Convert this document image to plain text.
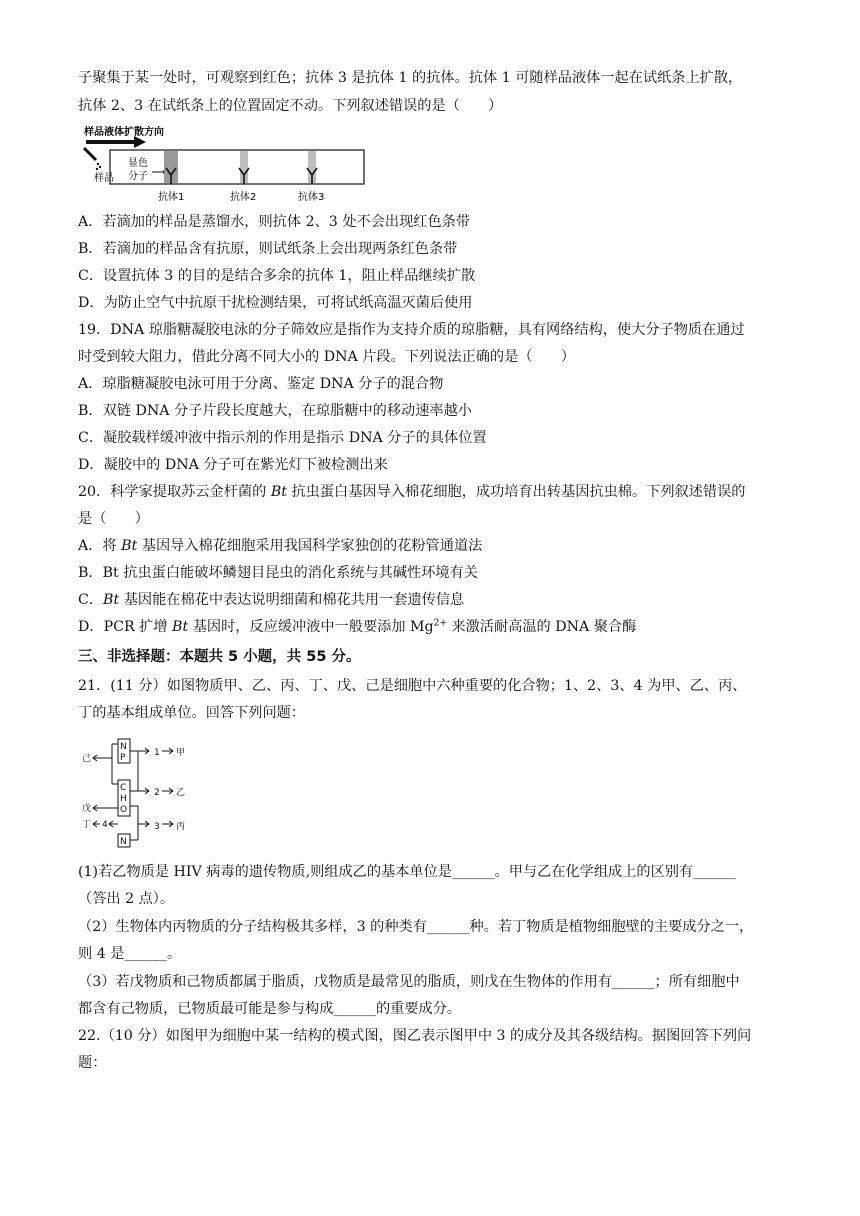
子聚集于某一处时，可观察到红色；抗体 3 是抗体 1 的抗体。抗体 1 可随样品液体一起在试纸条上扩散，
抗体 2、3 在试纸条上的位置固定不动。下列叙述错误的是（　　）
样品液体扩散方向
样品
显色
分子
抗体1	抗体2	抗体3
A．若滴加的样品是蒸馏水，则抗体 2、3 处不会出现红色条带
B．若滴加的样品含有抗原，则试纸条上会出现两条红色条带
C．设置抗体 3 的目的是结合多余的抗体 1，阻止样品继续扩散
D．为防止空气中抗原干扰检测结果，可将试纸高温灭菌后使用
19．DNA 琼脂糖凝胶电泳的分子筛效应是指作为支持介质的琼脂糖，具有网络结构，使大分子物质在通过
时受到较大阻力，借此分离不同大小的 DNA 片段。下列说法正确的是（　　）
A．琼脂糖凝胶电泳可用于分离、鉴定 DNA 分子的混合物
B．双链 DNA 分子片段长度越大，在琼脂糖中的移动速率越小
C．凝胶载样缓冲液中指示剂的作用是指示 DNA 分子的具体位置
D．凝胶中的 DNA 分子可在紫光灯下被检测出来
20．科学家提取苏云金杆菌的 Bt 抗虫蛋白基因导入棉花细胞，成功培育出转基因抗虫棉。下列叙述错误的
是（　　）
A．将 Bt 基因导入棉花细胞采用我国科学家独创的花粉管通道法
B．Bt 抗虫蛋白能破坏鳞翅目昆虫的消化系统与其碱性环境有关
C．Bt 基因能在棉花中表达说明细菌和棉花共用一套遗传信息
D．PCR 扩增 Bt 基因时，反应缓冲液中一般要添加 $Mg^{2+}$ 来激活耐高温的 DNA 聚合酶
三、非选择题：本题共 5 小题，共 55 分。
21．(11 分）如图物质甲、乙、丙、丁、戊、己是细胞中六种重要的化合物；1、2、3、4 为甲、乙、丙、
丁的基本组成单位。回答下列问题：
N
P
C
H
O
N
己
1 甲
2 乙
戊
丁 4	3 丙
(1)若乙物质是 HIV 病毒的遗传物质,则组成乙的基本单位是______。甲与乙在化学组成上的区别有______
（答出 2 点）。
（2）生物体内丙物质的分子结构极其多样，3 的种类有______种。若丁物质是植物细胞壁的主要成分之一，
则 4 是______。
（3）若戊物质和己物质都属于脂质，戊物质是最常见的脂质，则戊在生物体的作用有______；所有细胞中
都含有己物质，已物质最可能是参与构成______的重要成分。
22.（10 分）如图甲为细胞中某一结构的模式图，图乙表示图甲中 3 的成分及其各级结构。据图回答下列问
题：
